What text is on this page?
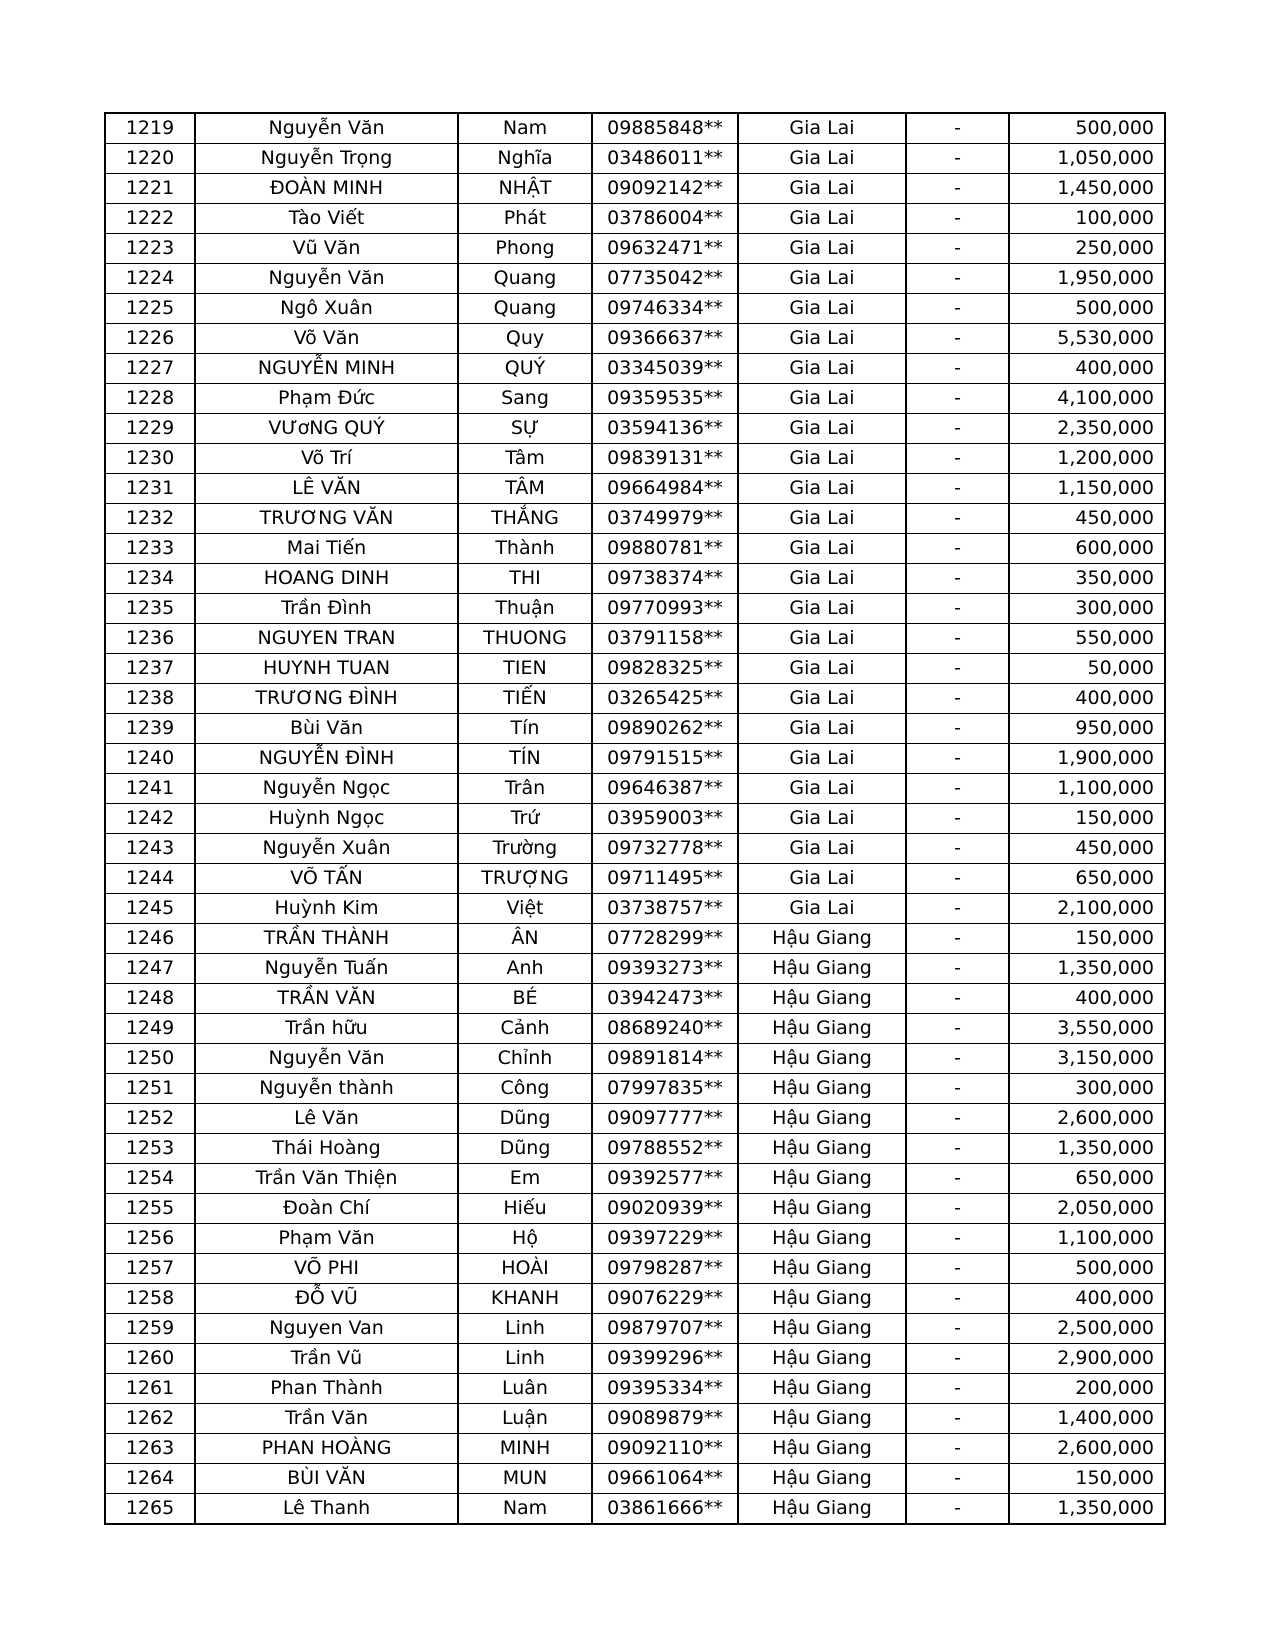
1219	Nguyễn Văn	Nam	09885848**	Gia Lai	-	500,000
1220	Nguyễn Trọng	Nghĩa	03486011**	Gia Lai	-	1,050,000
1221	ĐOÀN MINH	NHẬT	09092142**	Gia Lai	-	1,450,000
1222	Tào Viết	Phát	03786004**	Gia Lai	-	100,000
1223	Vũ Văn	Phong	09632471**	Gia Lai	-	250,000
1224	Nguyễn Văn	Quang	07735042**	Gia Lai	-	1,950,000
1225	Ngô Xuân	Quang	09746334**	Gia Lai	-	500,000
1226	Võ Văn	Quy	09366637**	Gia Lai	-	5,530,000
1227	NGUYỄN MINH	QUÝ	03345039**	Gia Lai	-	400,000
1228	Phạm Đức	Sang	09359535**	Gia Lai	-	4,100,000
1229	VƯơNG QUÝ	SỰ	03594136**	Gia Lai	-	2,350,000
1230	Võ Trí	Tâm	09839131**	Gia Lai	-	1,200,000
1231	LÊ VĂN	TÂM	09664984**	Gia Lai	-	1,150,000
1232	TRƯƠNG VĂN	THẮNG	03749979**	Gia Lai	-	450,000
1233	Mai Tiến	Thành	09880781**	Gia Lai	-	600,000
1234	HOANG DINH	THI	09738374**	Gia Lai	-	350,000
1235	Trần Đình	Thuận	09770993**	Gia Lai	-	300,000
1236	NGUYEN TRAN	THUONG	03791158**	Gia Lai	-	550,000
1237	HUYNH TUAN	TIEN	09828325**	Gia Lai	-	50,000
1238	TRƯƠNG ĐÌNH	TIẾN	03265425**	Gia Lai	-	400,000
1239	Bùi Văn	Tín	09890262**	Gia Lai	-	950,000
1240	NGUYỄN ĐÌNH	TÍN	09791515**	Gia Lai	-	1,900,000
1241	Nguyễn Ngọc	Trân	09646387**	Gia Lai	-	1,100,000
1242	Huỳnh Ngọc	Trứ	03959003**	Gia Lai	-	150,000
1243	Nguyễn Xuân	Trường	09732778**	Gia Lai	-	450,000
1244	VÕ TẤN	TRƯỢNG	09711495**	Gia Lai	-	650,000
1245	Huỳnh Kim	Việt	03738757**	Gia Lai	-	2,100,000
1246	TRẦN THÀNH	ÂN	07728299**	Hậu Giang	-	150,000
1247	Nguyễn Tuấn	Anh	09393273**	Hậu Giang	-	1,350,000
1248	TRẦN VĂN	BÉ	03942473**	Hậu Giang	-	400,000
1249	Trần hữu	Cảnh	08689240**	Hậu Giang	-	3,550,000
1250	Nguyễn Văn	Chỉnh	09891814**	Hậu Giang	-	3,150,000
1251	Nguyễn thành	Công	07997835**	Hậu Giang	-	300,000
1252	Lê Văn	Dũng	09097777**	Hậu Giang	-	2,600,000
1253	Thái Hoàng	Dũng	09788552**	Hậu Giang	-	1,350,000
1254	Trần Văn Thiện	Em	09392577**	Hậu Giang	-	650,000
1255	Đoàn Chí	Hiếu	09020939**	Hậu Giang	-	2,050,000
1256	Phạm Văn	Hộ	09397229**	Hậu Giang	-	1,100,000
1257	VÕ PHI	HOÀI	09798287**	Hậu Giang	-	500,000
1258	ĐỖ VŨ	KHANH	09076229**	Hậu Giang	-	400,000
1259	Nguyen Van	Linh	09879707**	Hậu Giang	-	2,500,000
1260	Trần Vũ	Linh	09399296**	Hậu Giang	-	2,900,000
1261	Phan Thành	Luân	09395334**	Hậu Giang	-	200,000
1262	Trần Văn	Luận	09089879**	Hậu Giang	-	1,400,000
1263	PHAN HOÀNG	MINH	09092110**	Hậu Giang	-	2,600,000
1264	BÙI VĂN	MUN	09661064**	Hậu Giang	-	150,000
1265	Lê Thanh	Nam	03861666**	Hậu Giang	-	1,350,000
